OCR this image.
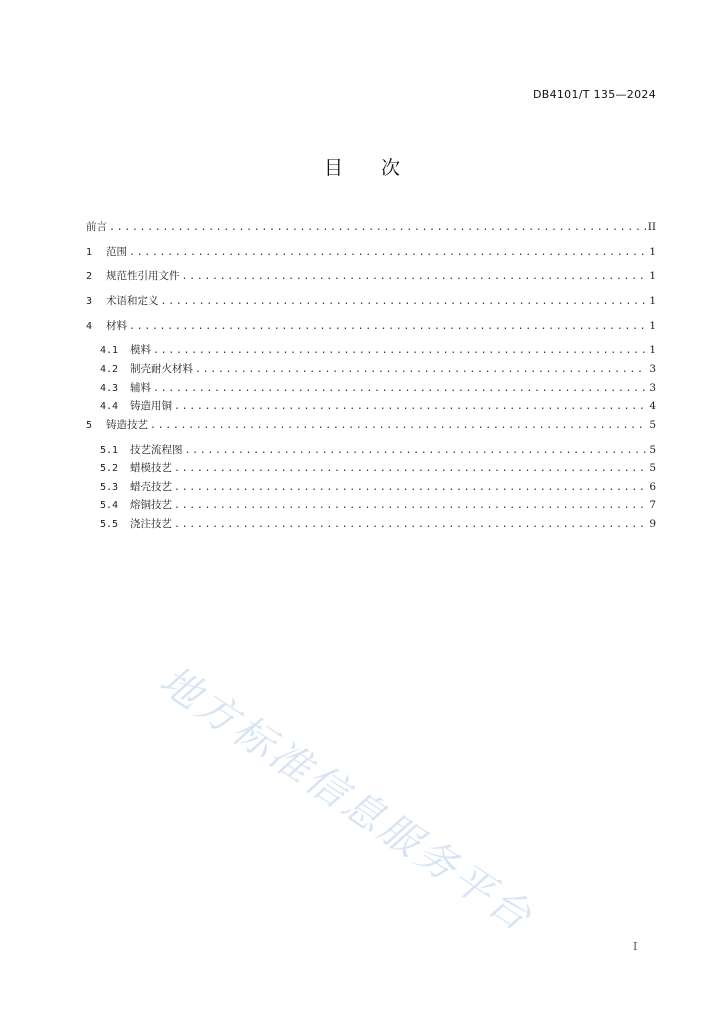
DB4101/T 135—2024
目 次
前言 .....	II
1	范围 .....	1
2	规范性引用文件 .....	1
3	术语和定义 .....	1
4	材料 .....	1
4.1	模料 .....	1
4.2	制壳耐火材料 .....	3
4.3	辅料 .....	3
4.4	铸造用铜 .....	4
5	铸造技艺 .....	5
5.1	技艺流程图 .....	5
5.2	蜡模技艺 .....	5
5.3	蜡壳技艺 .....	6
5.4	熔铜技艺 .....	7
5.5	浇注技艺 .....	9
地方标准信息服务平台
I
